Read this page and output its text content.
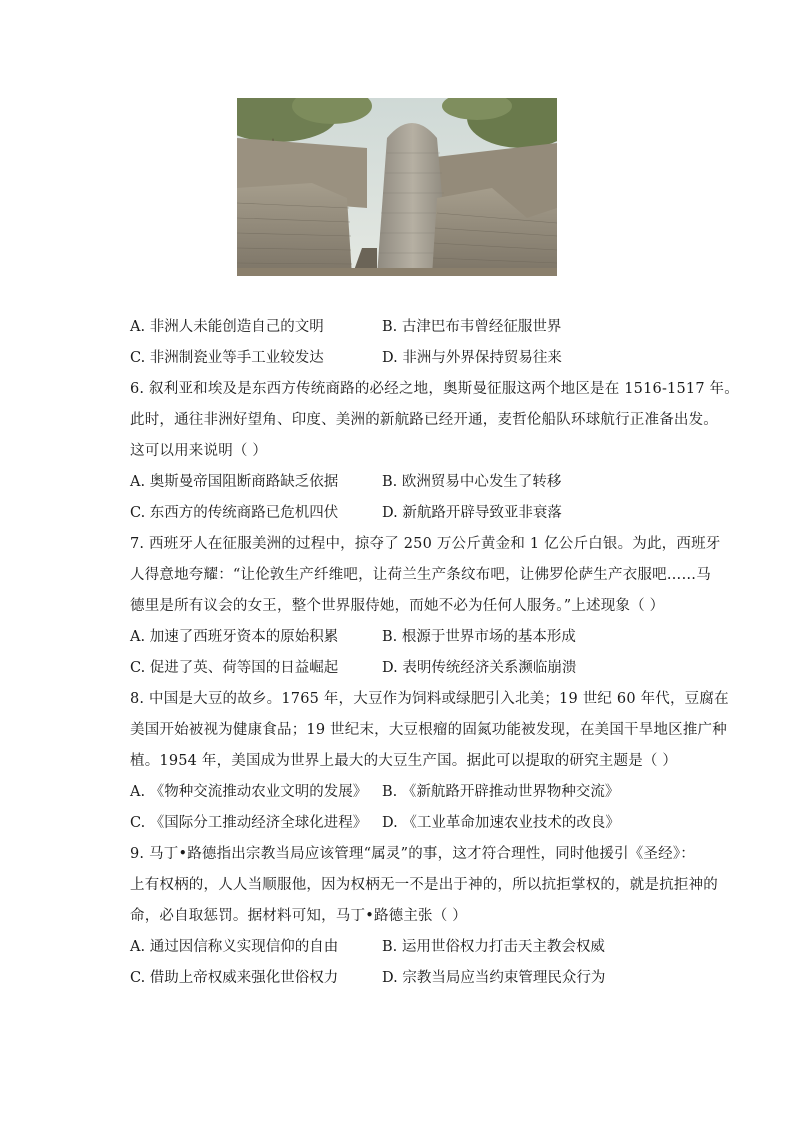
A. 非洲人未能创造自己的文明	B. 古津巴布韦曾经征服世界
C. 非洲制瓷业等手工业较发达	D. 非洲与外界保持贸易往来
6. 叙利亚和埃及是东西方传统商路的必经之地，奥斯曼征服这两个地区是在 1516-1517 年。
此时，通往非洲好望角、印度、美洲的新航路已经开通，麦哲伦船队环球航行正准备出发。
这可以用来说明（ ）
A. 奥斯曼帝国阻断商路缺乏依据	B. 欧洲贸易中心发生了转移
C. 东西方的传统商路已危机四伏	D. 新航路开辟导致亚非衰落
7. 西班牙人在征服美洲的过程中，掠夺了 250 万公斤黄金和 1 亿公斤白银。为此，西班牙
人得意地夸耀：“让伦敦生产纤维吧，让荷兰生产条纹布吧，让佛罗伦萨生产衣服吧……马
德里是所有议会的女王，整个世界服侍她，而她不必为任何人服务。”上述现象（ ）
A. 加速了西班牙资本的原始积累	B. 根源于世界市场的基本形成
C. 促进了英、荷等国的日益崛起	D. 表明传统经济关系濒临崩溃
8. 中国是大豆的故乡。1765 年，大豆作为饲料或绿肥引入北美；19 世纪 60 年代，豆腐在
美国开始被视为健康食品；19 世纪末，大豆根瘤的固氮功能被发现，在美国干旱地区推广种
植。1954 年，美国成为世界上最大的大豆生产国。据此可以提取的研究主题是（ ）
A. 《物种交流推动农业文明的发展》	B. 《新航路开辟推动世界物种交流》
C. 《国际分工推动经济全球化进程》	D. 《工业革命加速农业技术的改良》
9. 马丁•路德指出宗教当局应该管理“属灵”的事，这才符合理性，同时他援引《圣经》：
上有权柄的，人人当顺服他，因为权柄无一不是出于神的，所以抗拒掌权的，就是抗拒神的
命，必自取惩罚。据材料可知，马丁•路德主张（ ）
A. 通过因信称义实现信仰的自由	B. 运用世俗权力打击天主教会权威
C. 借助上帝权威来强化世俗权力	D. 宗教当局应当约束管理民众行为
